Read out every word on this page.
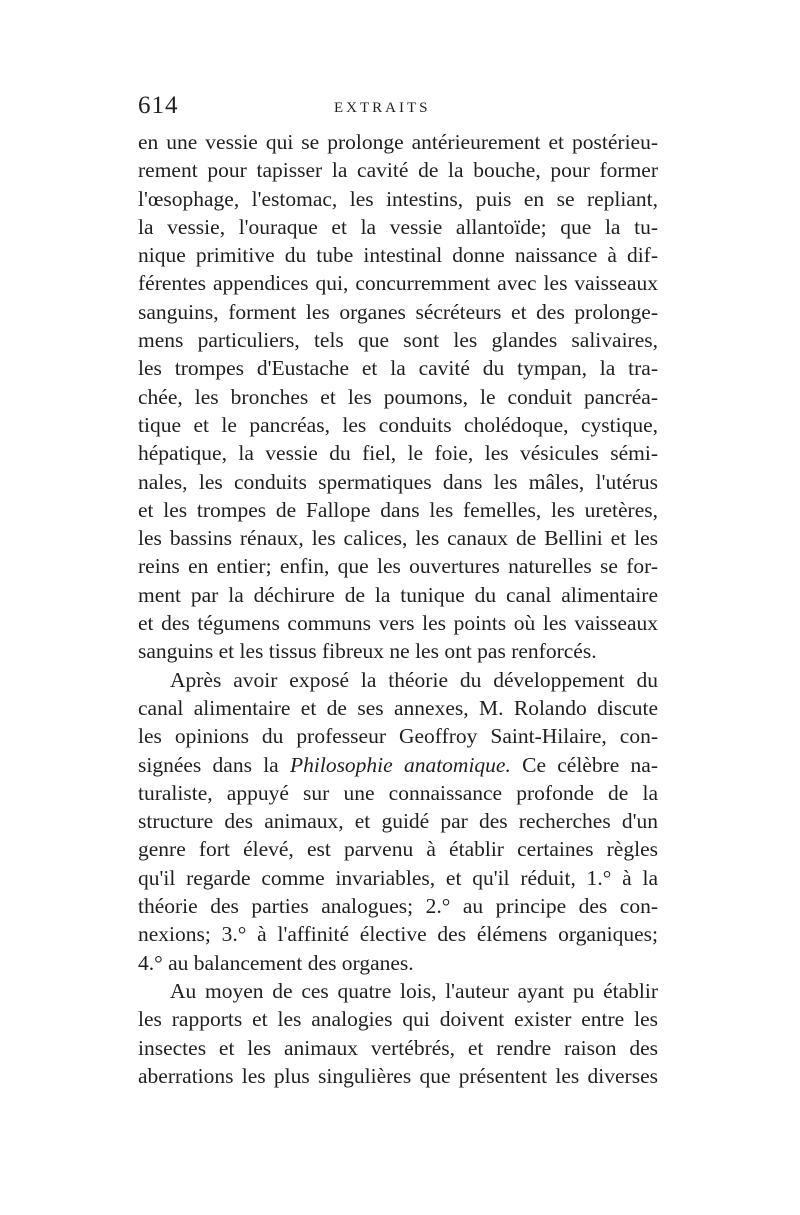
614	EXTRAITS
en une vessie qui se prolonge antérieurement et postérieu-
rement pour tapisser la cavité de la bouche, pour former
l'œsophage, l'estomac, les intestins, puis en se repliant,
la vessie, l'ouraque et la vessie allantoïde; que la tu-
nique primitive du tube intestinal donne naissance à dif-
férentes appendices qui, concurremment avec les vaisseaux
sanguins, forment les organes sécréteurs et des prolonge-
mens particuliers, tels que sont les glandes salivaires,
les trompes d'Eustache et la cavité du tympan, la tra-
chée, les bronches et les poumons, le conduit pancréa-
tique et le pancréas, les conduits cholédoque, cystique,
hépatique, la vessie du fiel, le foie, les vésicules sémi-
nales, les conduits spermatiques dans les mâles, l'utérus
et les trompes de Fallope dans les femelles, les uretères,
les bassins rénaux, les calices, les canaux de Bellini et les
reins en entier; enfin, que les ouvertures naturelles se for-
ment par la déchirure de la tunique du canal alimentaire
et des tégumens communs vers les points où les vaisseaux
sanguins et les tissus fibreux ne les ont pas renforcés.
Après avoir exposé la théorie du développement du
canal alimentaire et de ses annexes, M. Rolando discute
les opinions du professeur Geoffroy Saint-Hilaire, con-
signées dans la Philosophie anatomique. Ce célèbre na-
turaliste, appuyé sur une connaissance profonde de la
structure des animaux, et guidé par des recherches d'un
genre fort élevé, est parvenu à établir certaines règles
qu'il regarde comme invariables, et qu'il réduit, 1.° à la
théorie des parties analogues; 2.° au principe des con-
nexions; 3.° à l'affinité élective des élémens organiques;
4.° au balancement des organes.
Au moyen de ces quatre lois, l'auteur ayant pu établir
les rapports et les analogies qui doivent exister entre les
insectes et les animaux vertébrés, et rendre raison des
aberrations les plus singulières que présentent les diverses
